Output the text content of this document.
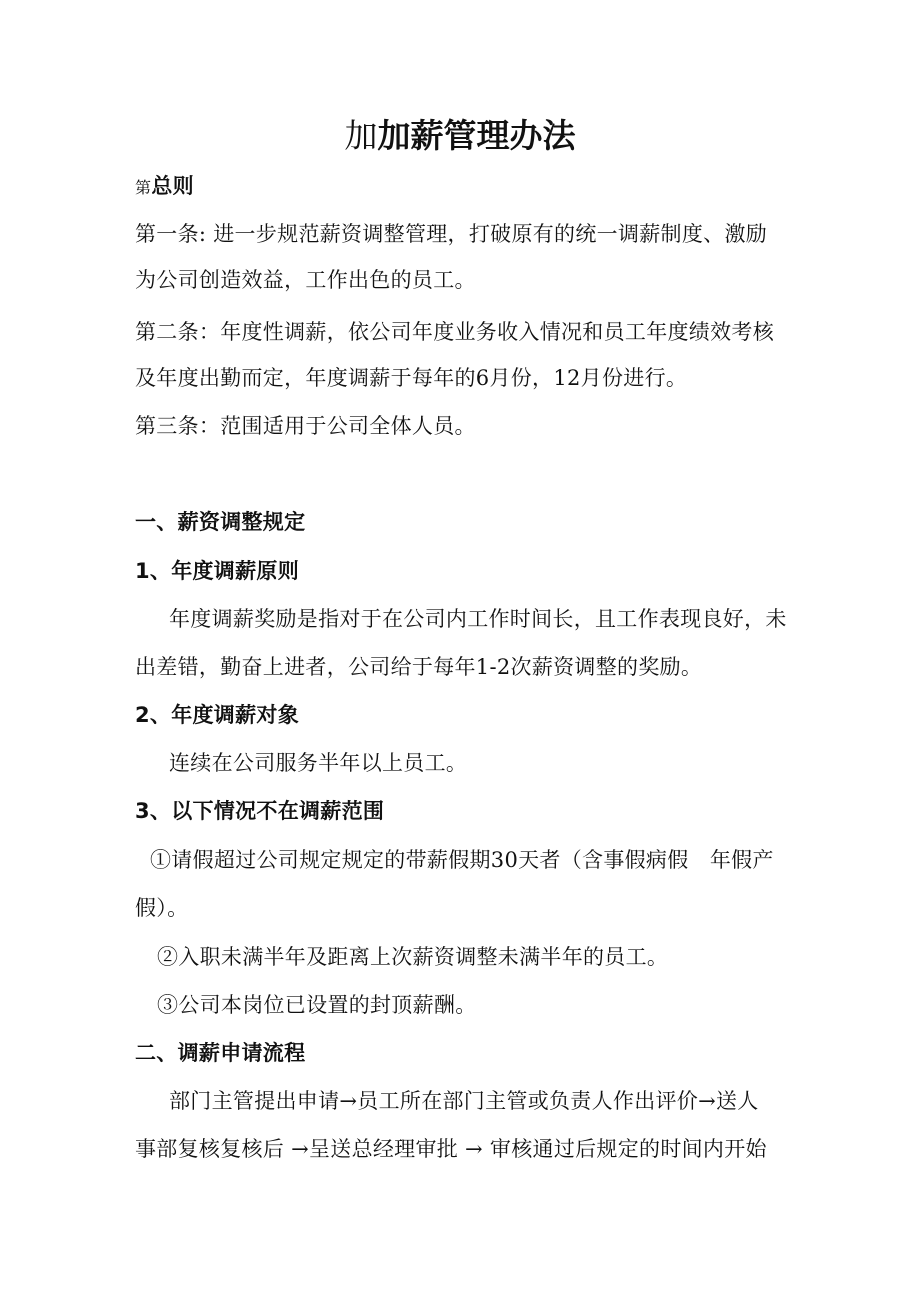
加加薪管理办法
第总则
第一条: 进一步规范薪资调整管理，打破原有的统一调薪制度、激励
为公司创造效益，工作出色的员工。
第二条：年度性调薪，依公司年度业务收入情况和员工年度绩效考核
及年度出勤而定，年度调薪于每年的6月份，12月份进行。
第三条：范围适用于公司全体人员。
一、薪资调整规定
1、年度调薪原则
年度调薪奖励是指对于在公司内工作时间长，且工作表现良好，未
出差错，勤奋上进者，公司给于每年1-2次薪资调整的奖励。
2、年度调薪对象
连续在公司服务半年以上员工。
3、以下情况不在调薪范围
①请假超过公司规定规定的带薪假期30天者（含事假病假　年假产
假）。
②入职未满半年及距离上次薪资调整未满半年的员工。
③公司本岗位已设置的封顶薪酬。
二、调薪申请流程
部门主管提出申请→员工所在部门主管或负责人作出评价→送人
事部复核复核后 →呈送总经理审批 → 审核通过后规定的时间内开始
